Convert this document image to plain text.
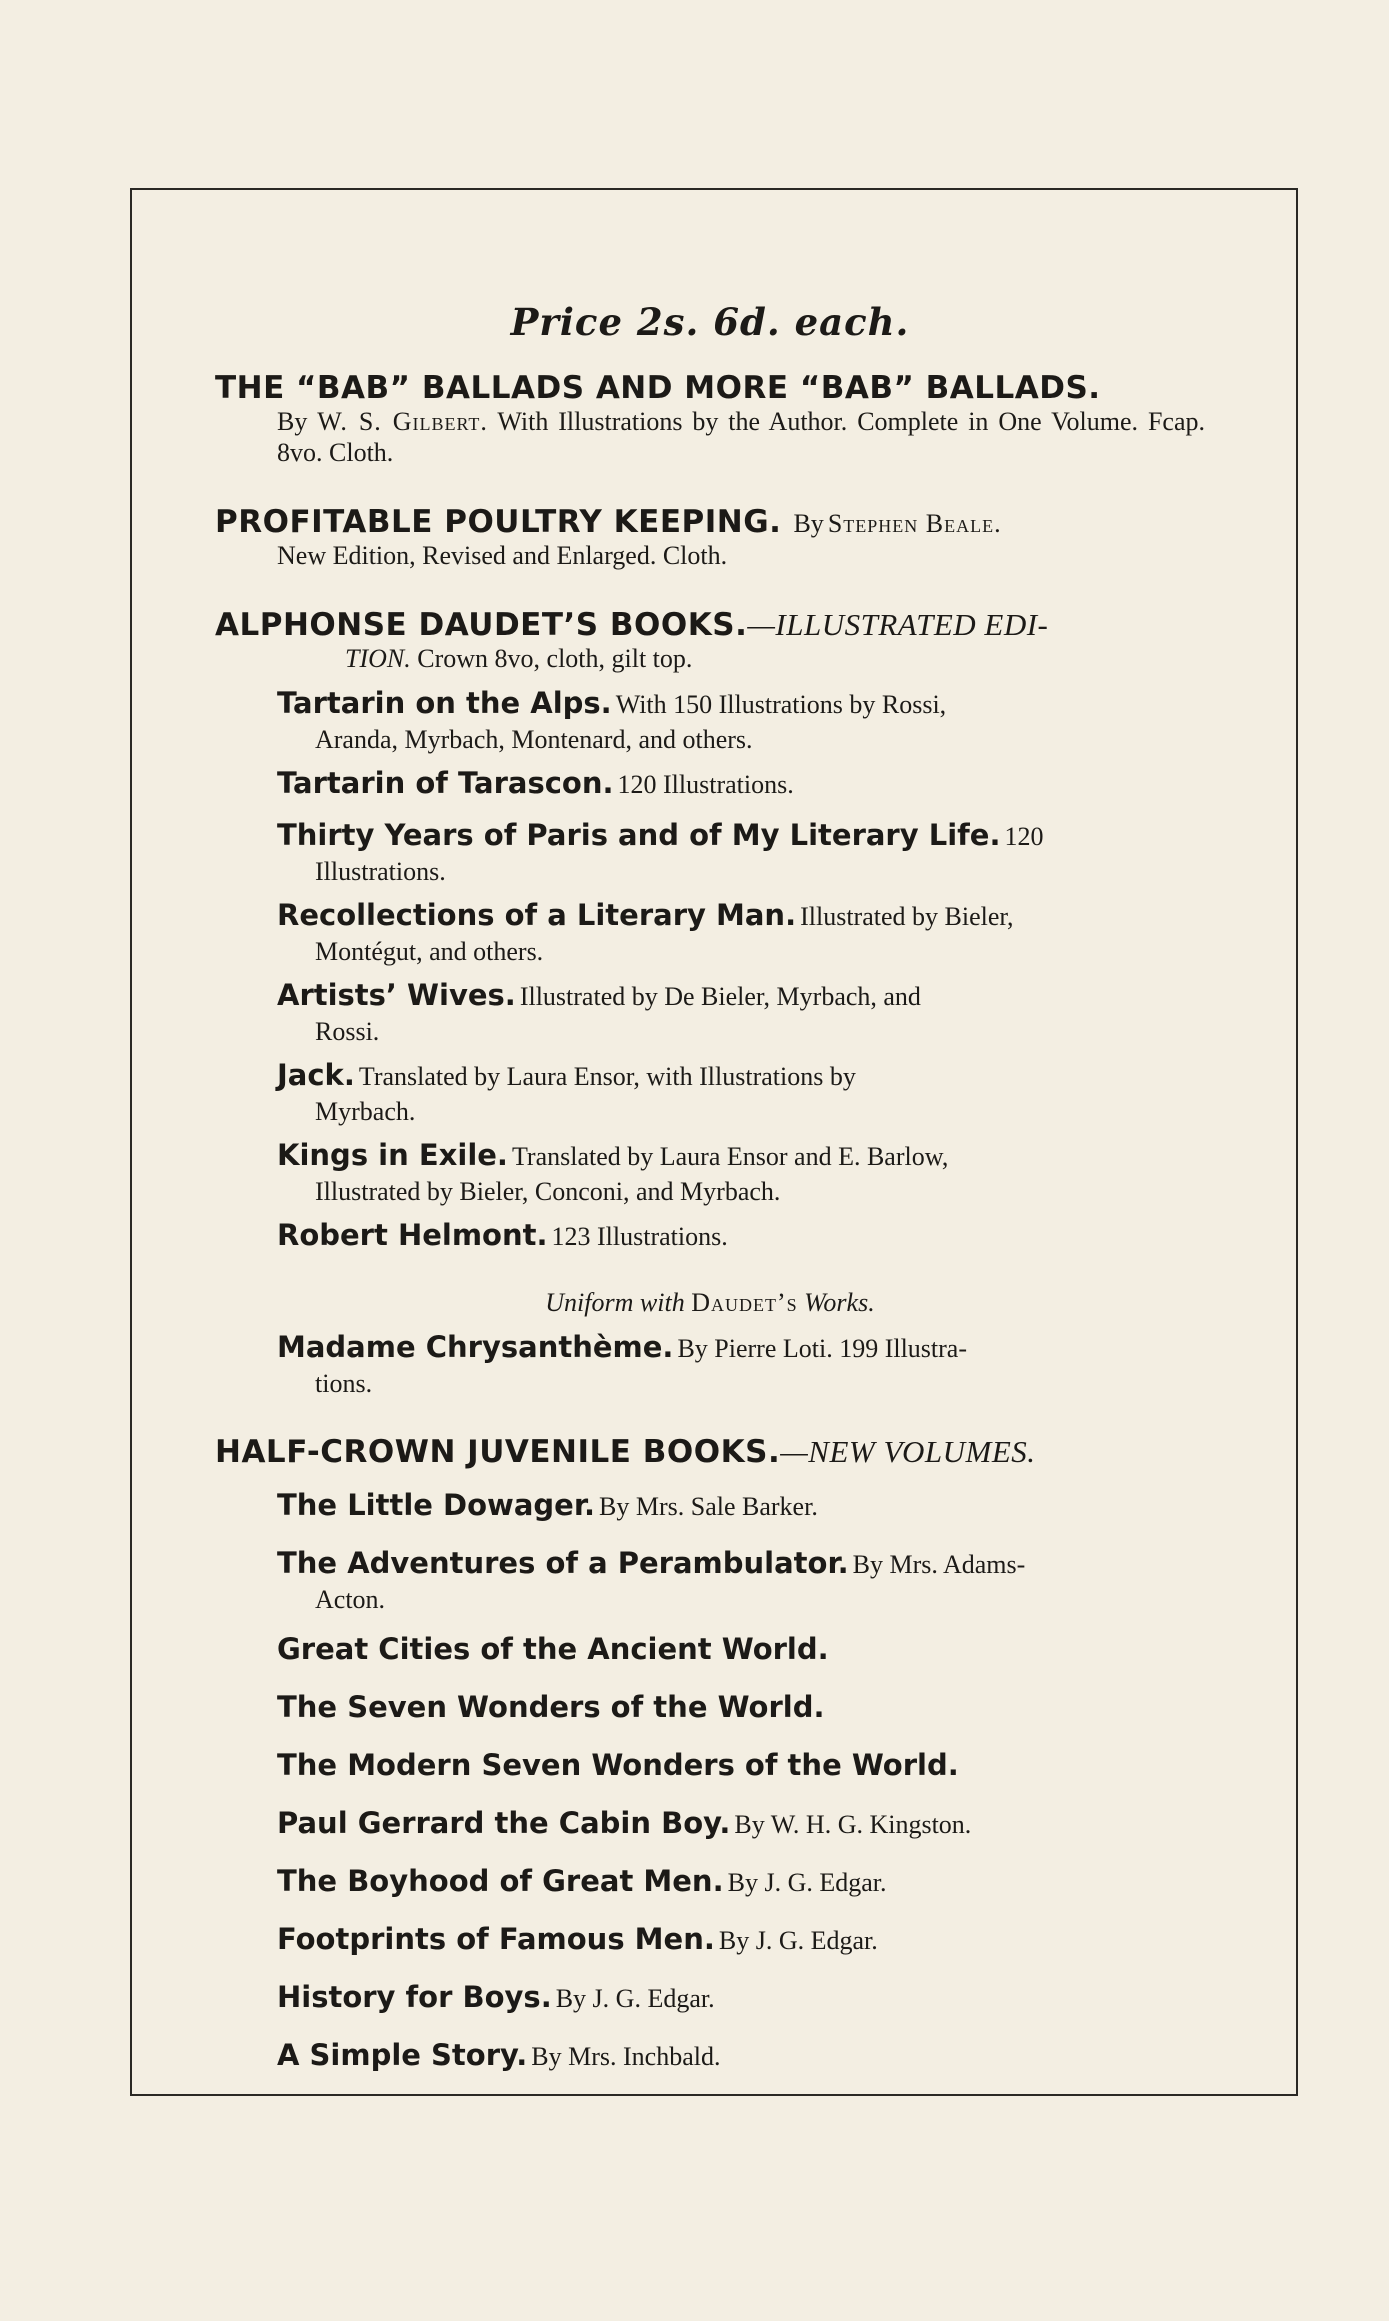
Price 2s. 6d. each.
THE “BAB” BALLADS AND MORE “BAB” BALLADS.
By W. S. Gilbert. With Illustrations by the Author. Complete in One Volume. Fcap. 8vo. Cloth.
PROFITABLE POULTRY KEEPING. By Stephen Beale.
New Edition, Revised and Enlarged. Cloth.
ALPHONSE DAUDET’S BOOKS.—ILLUSTRATED EDI-
TION. Crown 8vo, cloth, gilt top.
Tartarin on the Alps. With 150 Illustrations by Rossi,
Aranda, Myrbach, Montenard, and others.
Tartarin of Tarascon. 120 Illustrations.
Thirty Years of Paris and of My Literary Life. 120
Illustrations.
Recollections of a Literary Man. Illustrated by Bieler,
Montégut, and others.
Artists’ Wives. Illustrated by De Bieler, Myrbach, and
Rossi.
Jack. Translated by Laura Ensor, with Illustrations by
Myrbach.
Kings in Exile. Translated by Laura Ensor and E. Barlow,
Illustrated by Bieler, Conconi, and Myrbach.
Robert Helmont. 123 Illustrations.
Uniform with Daudet’s Works.
Madame Chrysanthème. By Pierre Loti. 199 Illustra-
tions.
HALF-CROWN JUVENILE BOOKS.—NEW VOLUMES.
The Little Dowager. By Mrs. Sale Barker.
The Adventures of a Perambulator. By Mrs. Adams-
Acton.
Great Cities of the Ancient World.
The Seven Wonders of the World.
The Modern Seven Wonders of the World.
Paul Gerrard the Cabin Boy. By W. H. G. Kingston.
The Boyhood of Great Men. By J. G. Edgar.
Footprints of Famous Men. By J. G. Edgar.
History for Boys. By J. G. Edgar.
A Simple Story. By Mrs. Inchbald.
